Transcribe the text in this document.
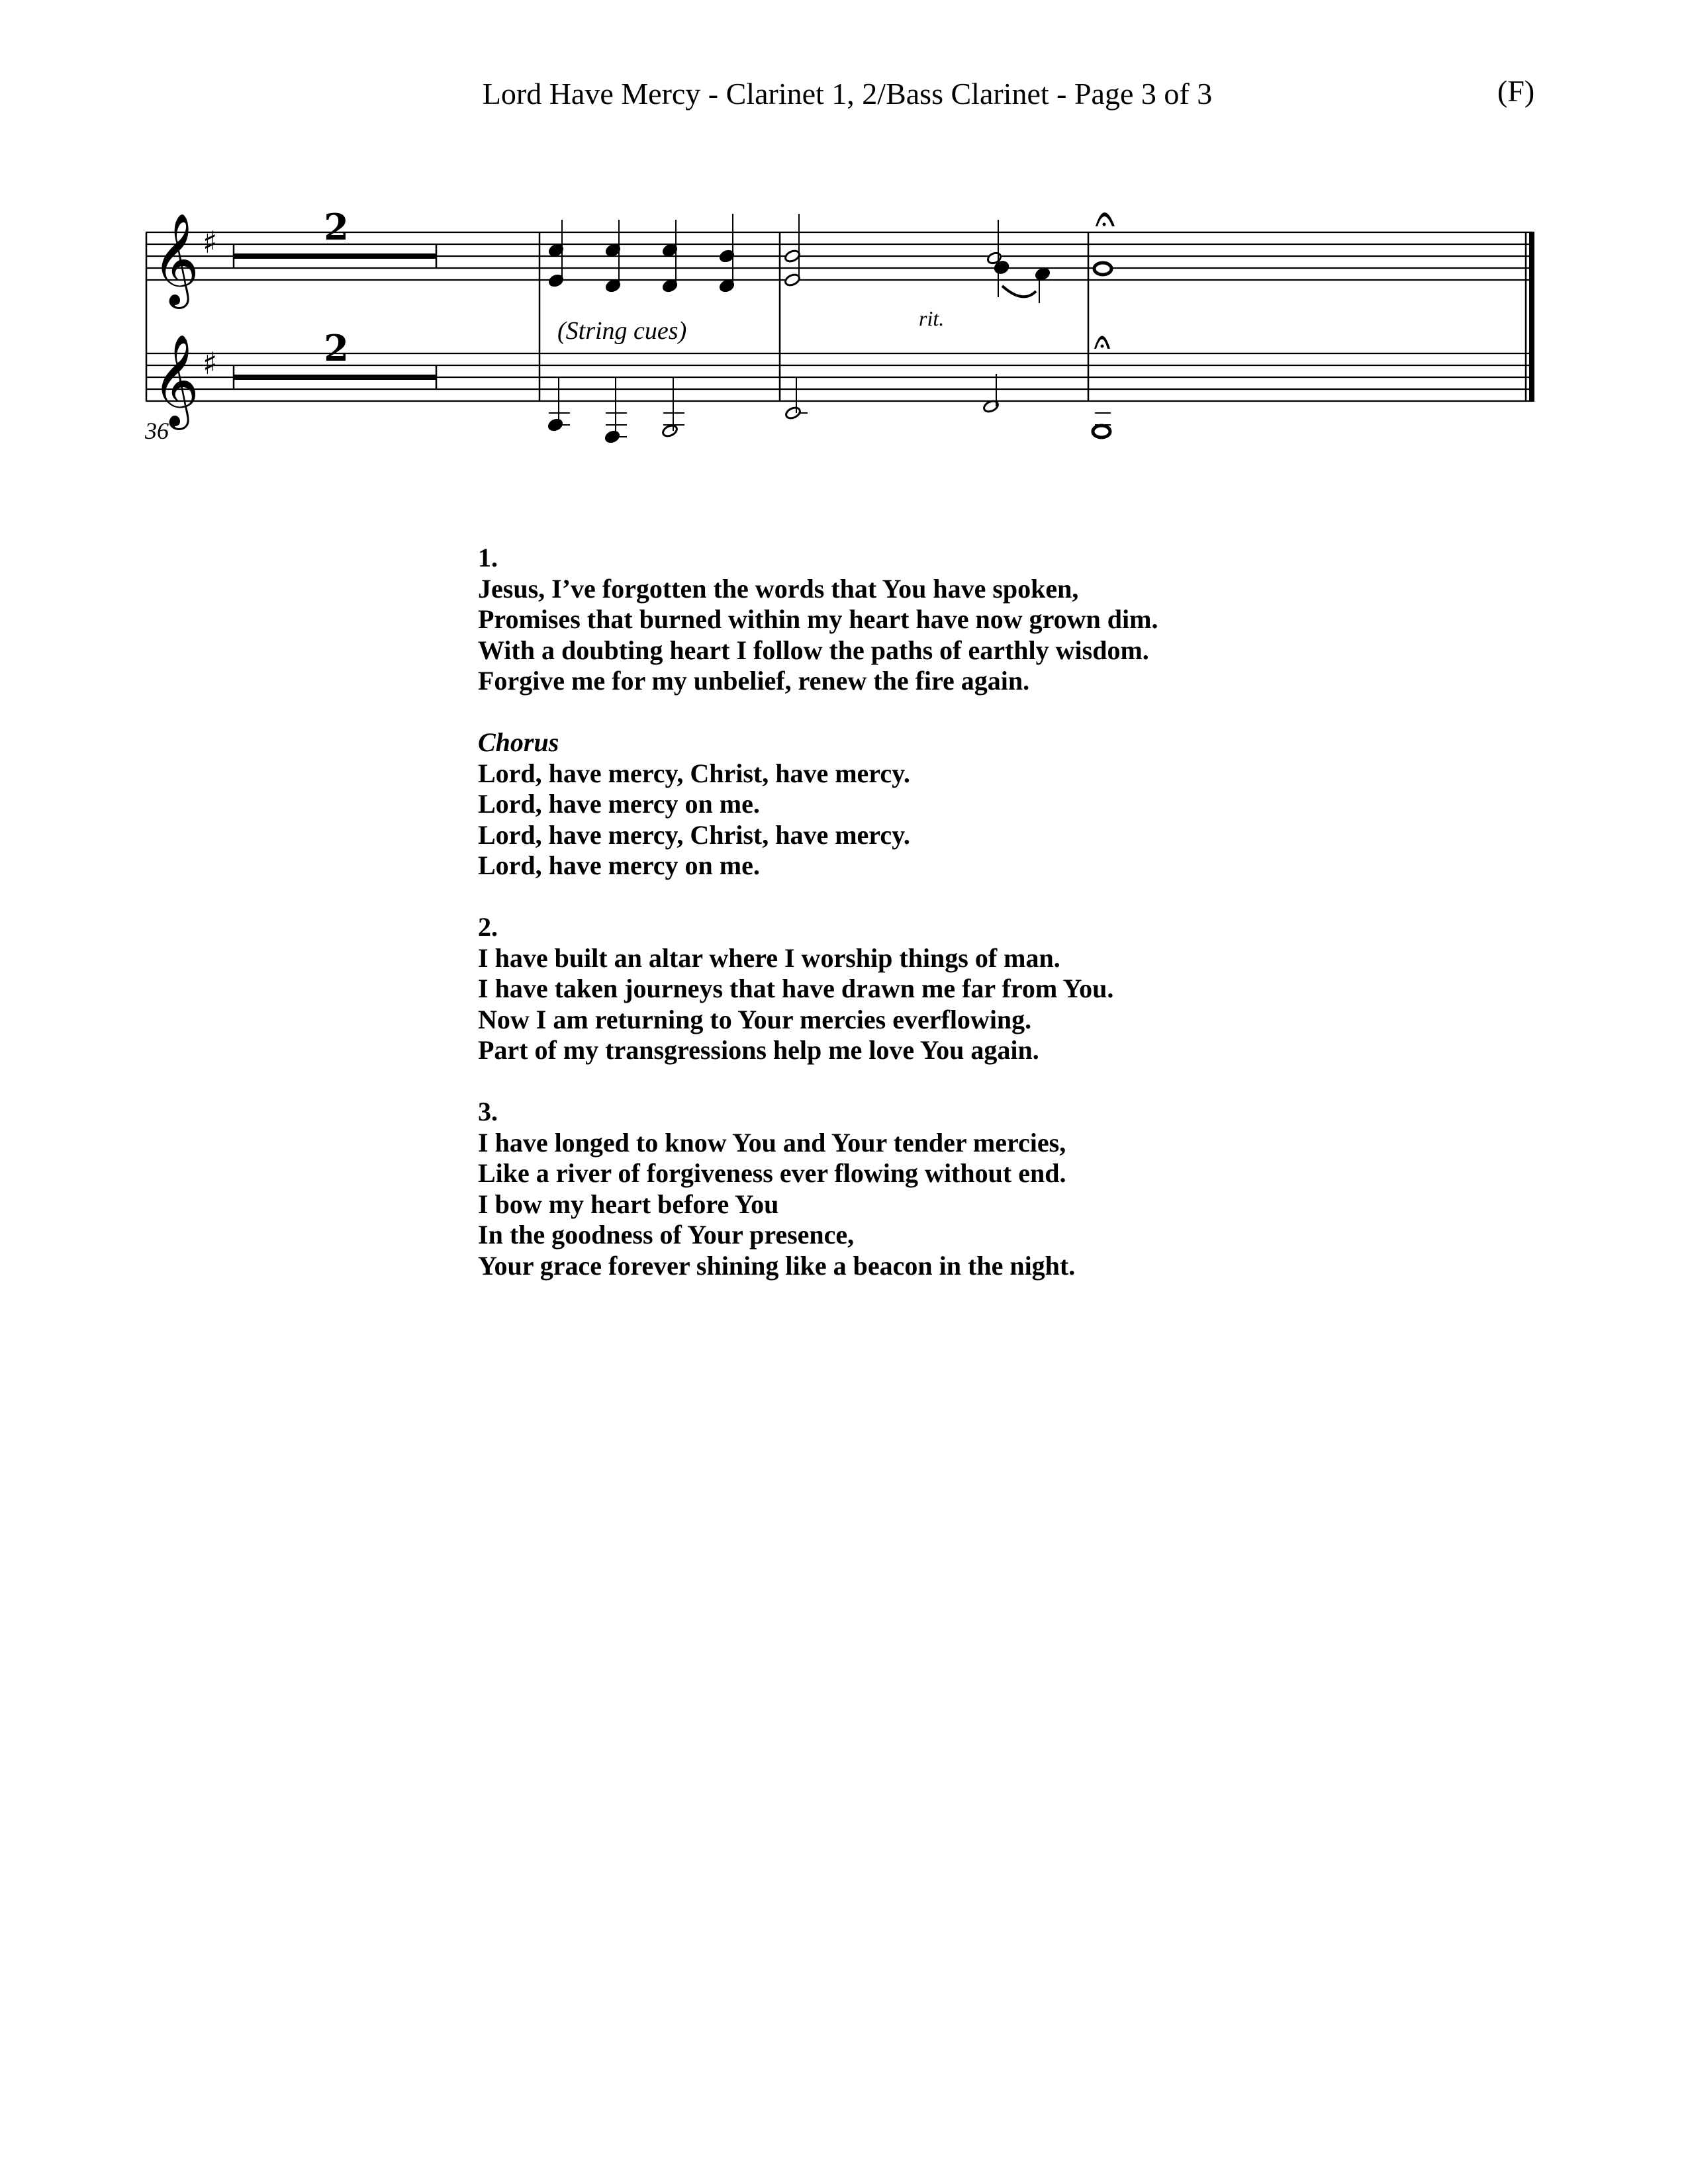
Lord Have Mercy - Clarinet 1, 2/Bass Clarinet - Page 3 of 3	(F)
𝄞
𝄞
♯
♯
2
2
36
(String cues)	rit.
1.
Jesus, I’ve forgotten the words that You have spoken,
Promises that burned within my heart have now grown dim.
With a doubting heart I follow the paths of earthly wisdom.
Forgive me for my unbelief, renew the fire again.
Chorus
Lord, have mercy, Christ, have mercy.
Lord, have mercy on me.
Lord, have mercy, Christ, have mercy.
Lord, have mercy on me.
2.
I have built an altar where I worship things of man.
I have taken journeys that have drawn me far from You.
Now I am returning to Your mercies everflowing.
Part of my transgressions help me love You again.
3.
I have longed to know You and Your tender mercies,
Like a river of forgiveness ever flowing without end.
I bow my heart before You
In the goodness of Your presence,
Your grace forever shining like a beacon in the night.
